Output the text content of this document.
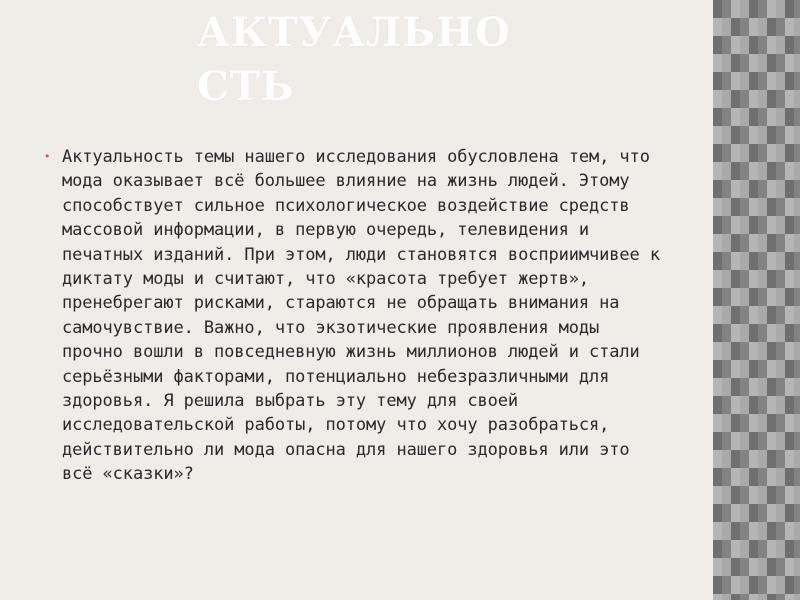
АКТУАЛЬНО СТЬ
• Актуальность темы нашего исследования обусловлена тем, что мода оказывает всё большее влияние на жизнь людей. Этому способствует сильное психологическое воздействие средств массовой информации, в первую очередь, телевидения и печатных изданий. При этом, люди становятся восприимчивее к диктату моды и считают, что «красота требует жертв», пренебрегают рисками, стараются не обращать внимания на самочувствие. Важно, что экзотические проявления моды прочно вошли в повседневную жизнь миллионов людей и стали серьёзными факторами, потенциально небезразличными для здоровья. Я решила выбрать эту тему для своей исследовательской работы, потому что хочу разобраться, действительно ли мода опасна для нашего здоровья или это всё «сказки»?
